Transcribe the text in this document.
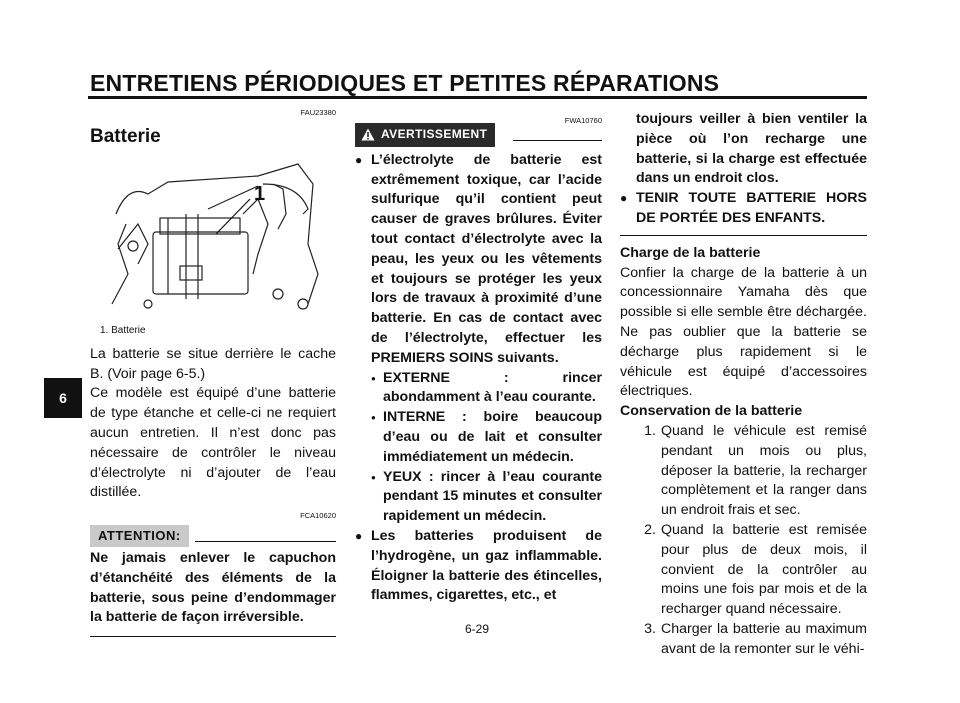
ENTRETIENS PÉRIODIQUES ET PETITES RÉPARATIONS
6
FAU23380
Batterie
1
1. Batterie

La batterie se situe derrière le cache B. (Voir page 6-5.)

Ce modèle est équipé d’une batterie de type étanche et celle-ci ne requiert aucun entretien. Il n’est donc pas nécessaire de contrôler le niveau d’électrolyte ni d’ajouter de l’eau distillée.

FCA10620
ATTENTION:
Ne jamais enlever le capuchon d’étanchéité des éléments de la batterie, sous peine d’endommager la batterie de façon irréversible.
FWA10760
AVERTISSEMENT
● L’électrolyte de batterie est extrêmement toxique, car l’acide sulfurique qu’il contient peut causer de graves brûlures. Éviter tout contact d’électrolyte avec la peau, les yeux ou les vêtements et toujours se protéger les yeux lors de travaux à proximité d’une batterie. En cas de contact avec de l’électrolyte, effectuer les PREMIERS SOINS suivants.
● EXTERNE : rincer abondamment à l’eau courante.
● INTERNE : boire beaucoup d’eau ou de lait et consulter immédiatement un médecin.
● YEUX : rincer à l’eau courante pendant 15 minutes et consulter rapidement un médecin.
● Les batteries produisent de l’hydrogène, un gaz inflammable. Éloigner la batterie des étincelles, flammes, cigarettes, etc., et
toujours veiller à bien ventiler la pièce où l’on recharge une batterie, si la charge est effectuée dans un endroit clos.
● TENIR TOUTE BATTERIE HORS DE PORTÉE DES ENFANTS.
Charge de la batterie
Confier la charge de la batterie à un concessionnaire Yamaha dès que possible si elle semble être déchargée. Ne pas oublier que la batterie se décharge plus rapidement si le véhicule est équipé d’accessoires électriques.
Conservation de la batterie
1. Quand le véhicule est remisé pendant un mois ou plus, déposer la batterie, la recharger complètement et la ranger dans un endroit frais et sec.
2. Quand la batterie est remisée pour plus de deux mois, il convient de la contrôler au moins une fois par mois et de la recharger quand nécessaire.
3. Charger la batterie au maximum avant de la remonter sur le véhi-
6-29
